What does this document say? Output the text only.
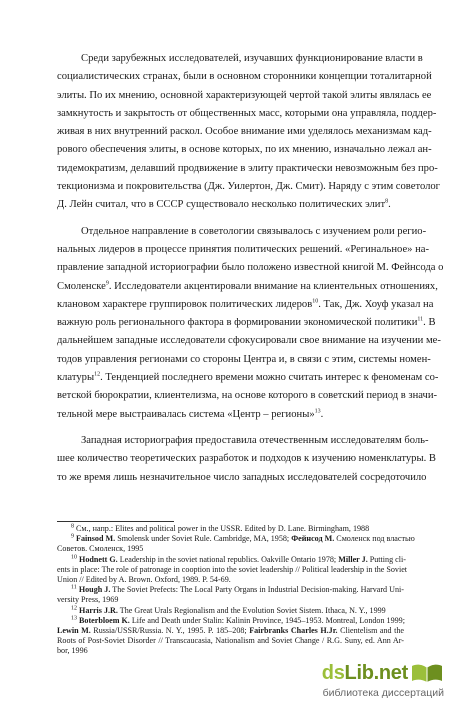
Среди зарубежных исследователей, изучавших функционирование власти в
социалистических странах, были в основном сторонники концепции тоталитарной
элиты. По их мнению, основной характеризующей чертой такой элиты являлась ее
замкнутость и закрытость от общественных масс, которыми она управляла, поддер-
живая в них внутренний раскол. Особое внимание ими уделялось механизмам кад-
рового обеспечения элиты, в основе которых, по их мнению, изначально лежал ан-
тидемократизм, делавший продвижение в элиту практически невозможным без про-
текционизма и покровительства (Дж. Уилертон, Дж. Смит). Наряду с этим советолог
Д. Лейн считал, что в СССР существовало несколько политических элит$^8$.
Отдельное направление в советологии связывалось с изучением роли регио-
нальных лидеров в процессе принятия политических решений. «Регинальное» на-
правление западной историографии было положено известной книгой М. Фейнсода о
Смоленске$^9$. Исследователи акцентировали внимание на клиентельных отношениях,
клановом характере группировок политических лидеров$^{10}$. Так, Дж. Хоуф указал на
важную роль регионального фактора в формировании экономической политики$^{11}$. В
дальнейшем западные исследователи сфокусировали свое внимание на изучении ме-
тодов управления регионами со стороны Центра и, в связи с этим, системы номен-
клатуры$^{12}$. Тенденцией последнего времени можно считать интерес к феноменам со-
ветской бюрократии, клиентелизма, на основе которого в советский период в значи-
тельной мере выстраивалась система «Центр – регионы»$^{13}$.
Западная историография предоставила отечественным исследователям боль-
шее количество теоретических разработок и подходов к изучению номенклатуры. В
то же время лишь незначительное число западных исследователей сосредоточило
$^8$ Cм., напр.: Elites and political power in the USSR. Edited by D. Lane. Birmingham, 1988
$^9$ Fainsod M. Smolensk under Soviet Rule. Cambridge, MA, 1958; Фейнсод М. Смоленск под властью
Советов. Смоленск, 1995
$^{10}$ Hodnett G. Leadership in the soviet national republics. Oakville Ontario 1978; Miller J. Putting cli-
ents in place: The role of patronage in cooption into the soviet leadership // Political leadership in the Soviet
Union // Edited by A. Brown. Oxford, 1989. P. 54-69.
$^{11}$ Hough J. The Soviet Prefects: The Local Party Organs in Industrial Decision-making. Harvard Uni-
versity Press, 1969
$^{12}$ Harris J.R. The Great Urals Regionalism and the Evolution Soviet Sistem. Ithaca, N. Y., 1999
$^{13}$ Boterbloem K. Life and Death under Stalin: Kalinin Province, 1945–1953. Montreal, London 1999;
Lewin M. Russia/USSR/Russia. N. Y., 1995. P. 185–208; Fairbranks Charles H.Jr. Clientelism and the
Roots of Post-Soviet Disorder // Transcaucasia, Nationalism and Soviet Change / R.G. Suny, ed. Ann Ar-
bor, 1996
dsLib.net
библиотека диссертаций
